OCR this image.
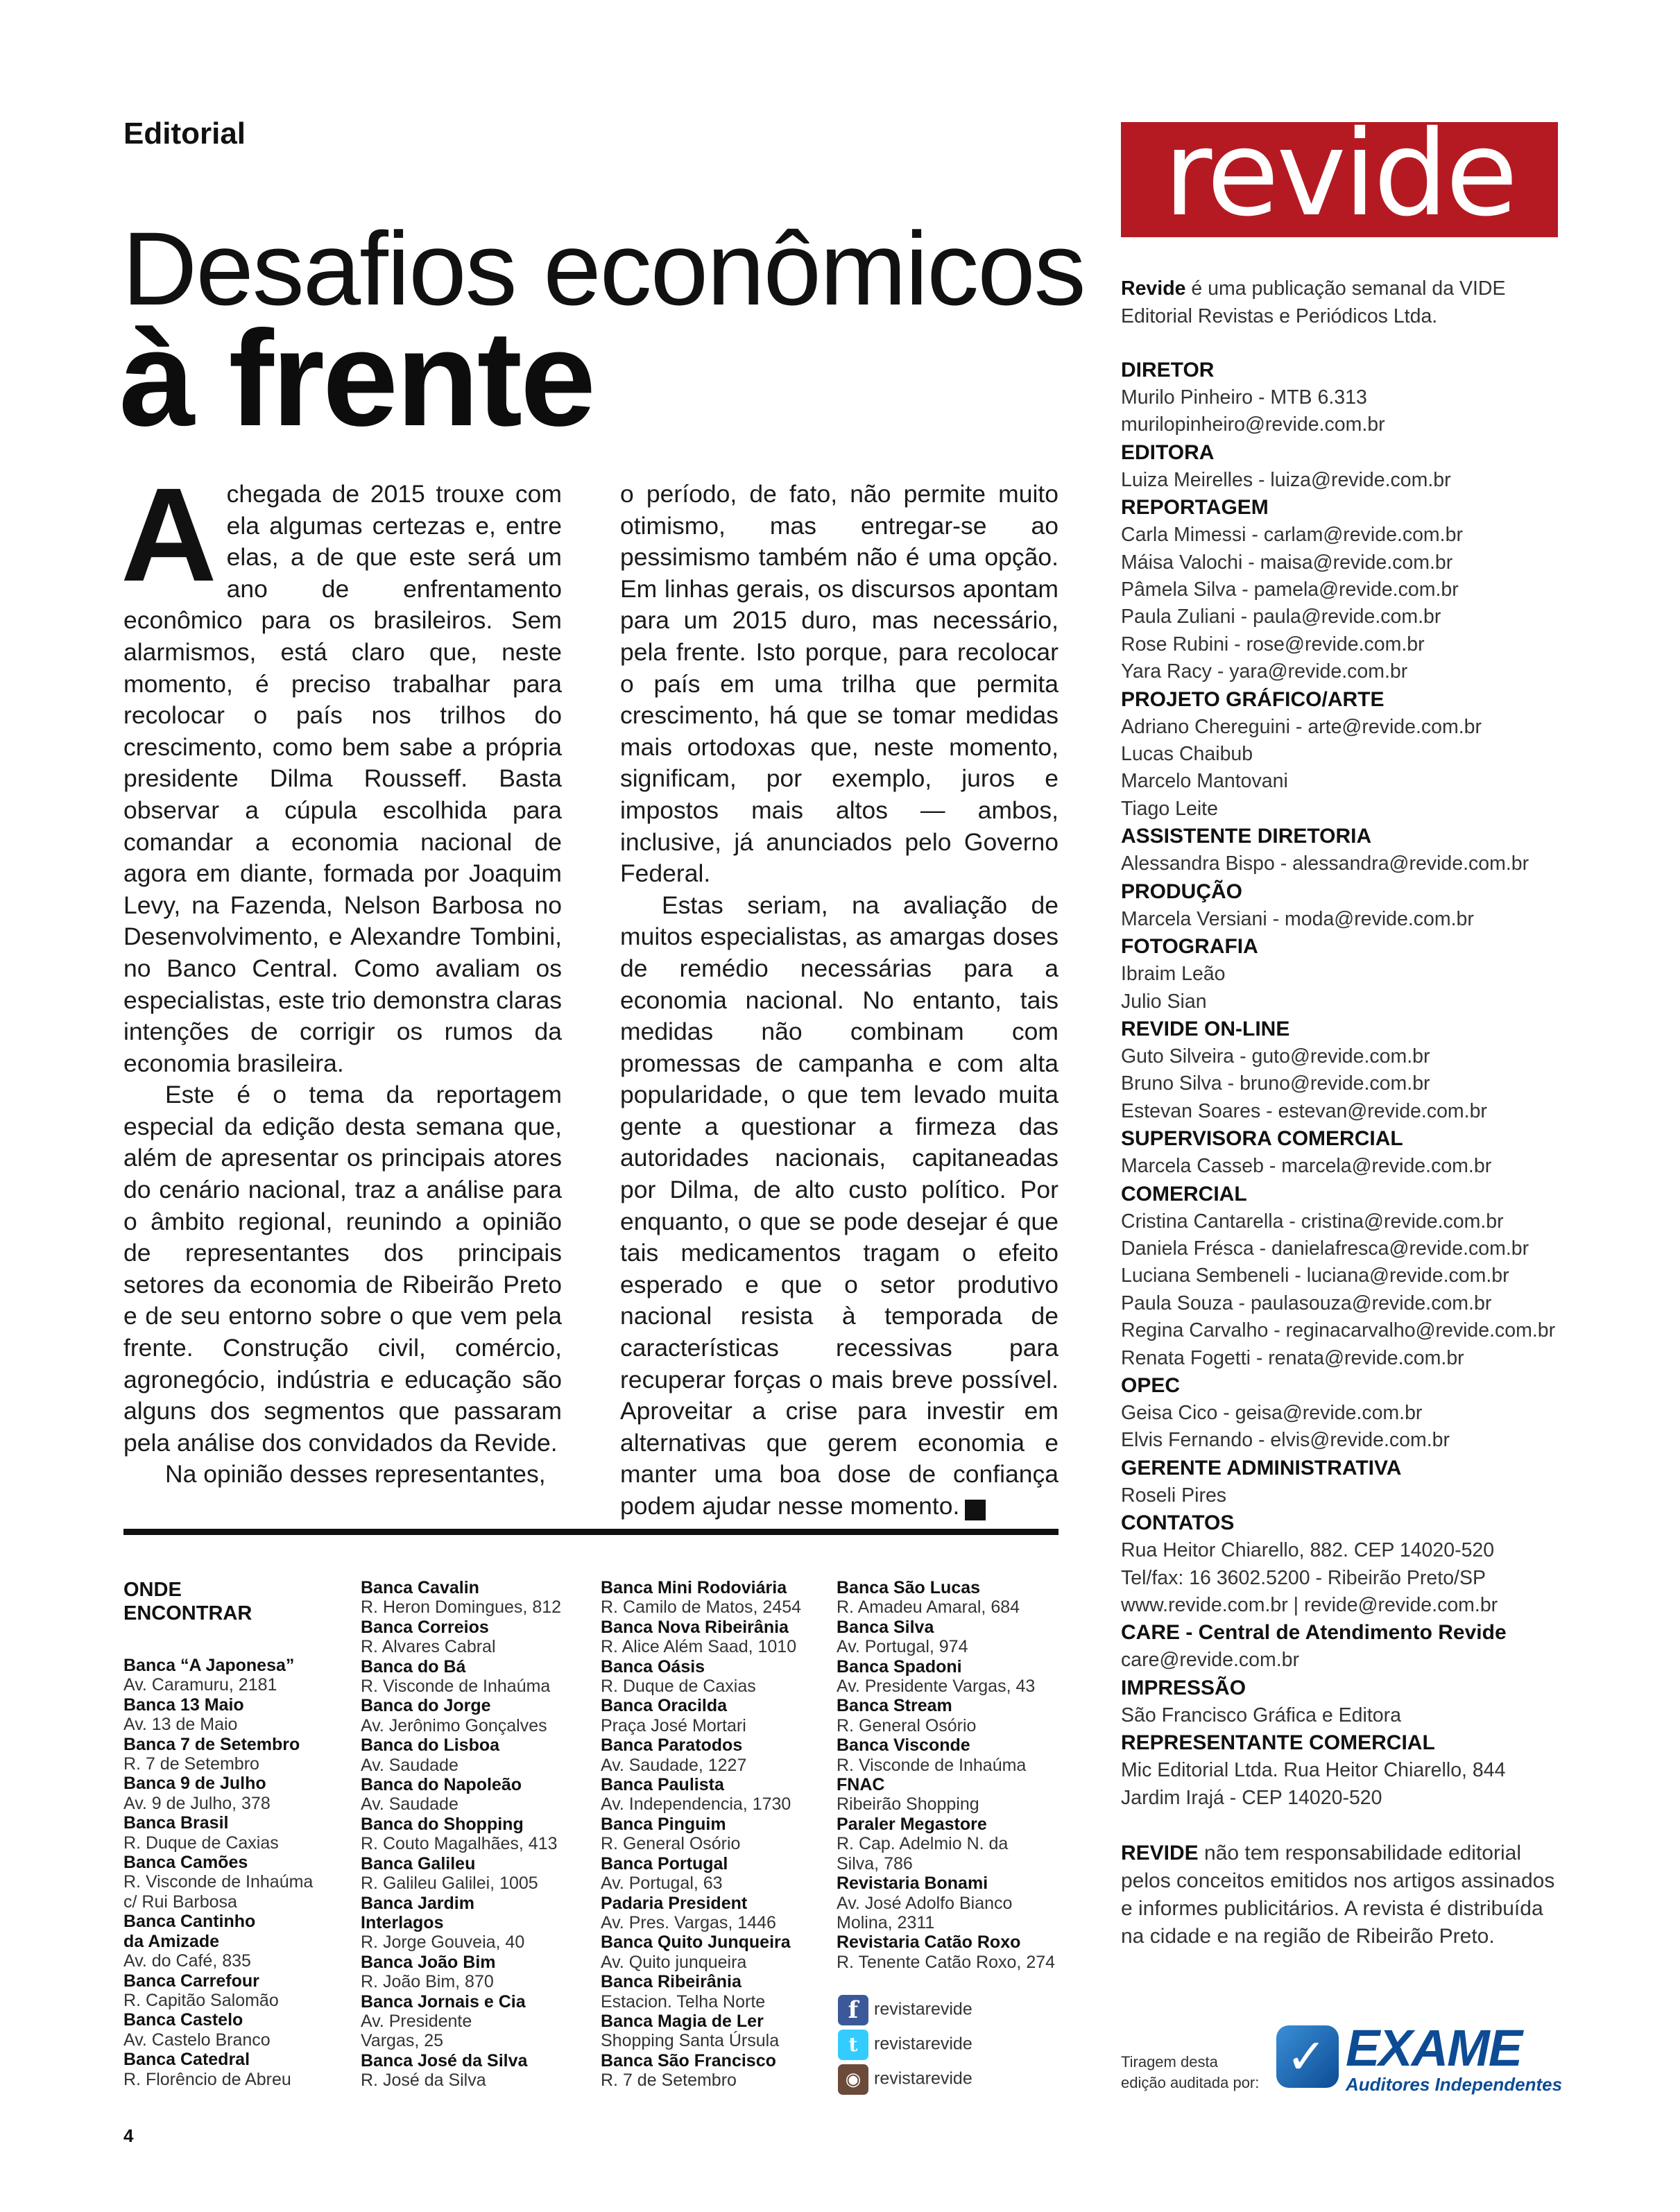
Editorial
Desafios econômicos
à frente

Achegada de 2015 trouxe com ela algumas certezas e, entre elas, a de que este será um ano de enfrentamento econômico para os brasileiros. Sem alarmismos, está claro que, neste momento, é preciso trabalhar para recolocar o país nos trilhos do crescimento, como bem sabe a própria presidente Dilma Rousseff. Basta observar a cúpula escolhida para comandar a economia nacional de agora em diante, formada por Joaquim Levy, na Fazenda, Nelson Barbosa no Desenvolvimento, e Alexandre Tombini, no Banco Central. Como avaliam os especialistas, este trio demonstra claras intenções de corrigir os rumos da economia brasileira.

Este é o tema da reportagem especial da edição desta semana que, além de apresentar os principais atores do cenário nacional, traz a análise para o âmbito regional, reunindo a opinião de representantes dos principais setores da economia de Ribeirão Preto e de seu entorno sobre o que vem pela frente. Construção civil, comércio, agronegócio, indústria e educação são alguns dos segmentos que passaram pela análise dos convidados da Revide.

Na opinião desses representantes,

o período, de fato, não permite muito otimismo, mas entregar-se ao pessimismo também não é uma opção. Em linhas gerais, os discursos apontam para um 2015 duro, mas necessário, pela frente. Isto porque, para recolocar o país em uma trilha que permita crescimento, há que se tomar medidas mais ortodoxas que, neste momento, significam, por exemplo, juros e impostos mais altos — ambos, inclusive, já anunciados pelo Governo Federal.

Estas seriam, na avaliação de muitos especialistas, as amargas doses de remédio necessárias para a economia nacional. No entanto, tais medidas não combinam com promessas de campanha e com alta popularidade, o que tem levado muita gente a questionar a firmeza das autoridades nacionais, capitaneadas por Dilma, de alto custo político. Por enquanto, o que se pode desejar é que tais medicamentos tragam o efeito esperado e que o setor produtivo nacional resista à temporada de características recessivas para recuperar forças o mais breve possível. Aproveitar a crise para investir em alternativas que gerem economia e manter uma boa dose de confiança podem ajudar nesse momento.	r

ONDE
ENCONTRAR
Banca “A Japonesa”
Av. Caramuru, 2181
Banca 13 Maio
Av. 13 de Maio
Banca 7 de Setembro
R. 7 de Setembro
Banca 9 de Julho
Av. 9 de Julho, 378
Banca Brasil
R. Duque de Caxias
Banca Camões
R. Visconde de Inhaúma
c/ Rui Barbosa
Banca Cantinho
da Amizade
Av. do Café, 835
Banca Carrefour
R. Capitão Salomão
Banca Castelo
Av. Castelo Branco
Banca Catedral
R. Florêncio de Abreu
Banca Cavalin
R. Heron Domingues, 812
Banca Correios
R. Alvares Cabral
Banca do Bá
R. Visconde de Inhaúma
Banca do Jorge
Av. Jerônimo Gonçalves
Banca do Lisboa
Av. Saudade
Banca do Napoleão
Av. Saudade
Banca do Shopping
R. Couto Magalhães, 413
Banca Galileu
R. Galileu Galilei, 1005
Banca Jardim
Interlagos
R. Jorge Gouveia, 40
Banca João Bim
R. João Bim, 870
Banca Jornais e Cia
Av. Presidente
Vargas, 25
Banca José da Silva
R. José da Silva
Banca Mini Rodoviária
R. Camilo de Matos, 2454
Banca Nova Ribeirânia
R. Alice Além Saad, 1010
Banca Oásis
R. Duque de Caxias
Banca Oracilda
Praça José Mortari
Banca Paratodos
Av. Saudade, 1227
Banca Paulista
Av. Independencia, 1730
Banca Pinguim
R. General Osório
Banca Portugal
Av. Portugal, 63
Padaria President
Av. Pres. Vargas, 1446
Banca Quito Junqueira
Av. Quito junqueira
Banca Ribeirânia
Estacion. Telha Norte
Banca Magia de Ler
Shopping Santa Úrsula
Banca São Francisco
R. 7 de Setembro
Banca São Lucas
R. Amadeu Amaral, 684
Banca Silva
Av. Portugal, 974
Banca Spadoni
Av. Presidente Vargas, 43
Banca Stream
R. General Osório
Banca Visconde
R. Visconde de Inhaúma
FNAC
Ribeirão Shopping
Paraler Megastore
R. Cap. Adelmio N. da
Silva, 786
Revistaria Bonami
Av. José Adolfo Bianco
Molina, 2311
Revistaria Catão Roxo
R. Tenente Catão Roxo, 274
f revistarevide
t revistarevide
◉ revistarevide
4
revide
Revide é uma publicação semanal da VIDE Editorial Revistas e Periódicos Ltda.
DIRETOR
Murilo Pinheiro - MTB 6.313
murilopinheiro@revide.com.br
EDITORA
Luiza Meirelles - luiza@revide.com.br
REPORTAGEM
Carla Mimessi - carlam@revide.com.br
Máisa Valochi - maisa@revide.com.br
Pâmela Silva - pamela@revide.com.br
Paula Zuliani - paula@revide.com.br
Rose Rubini - rose@revide.com.br
Yara Racy - yara@revide.com.br
PROJETO GRÁFICO/ARTE
Adriano Chereguini - arte@revide.com.br
Lucas Chaibub
Marcelo Mantovani
Tiago Leite
ASSISTENTE DIRETORIA
Alessandra Bispo - alessandra@revide.com.br
PRODUÇÃO
Marcela Versiani - moda@revide.com.br
FOTOGRAFIA
Ibraim Leão
Julio Sian
REVIDE ON-LINE
Guto Silveira - guto@revide.com.br
Bruno Silva - bruno@revide.com.br
Estevan Soares - estevan@revide.com.br
SUPERVISORA COMERCIAL
Marcela Casseb - marcela@revide.com.br
COMERCIAL
Cristina Cantarella - cristina@revide.com.br
Daniela Frésca - danielafresca@revide.com.br
Luciana Sembeneli - luciana@revide.com.br
Paula Souza - paulasouza@revide.com.br
Regina Carvalho - reginacarvalho@revide.com.br
Renata Fogetti - renata@revide.com.br
OPEC
Geisa Cico - geisa@revide.com.br
Elvis Fernando - elvis@revide.com.br
GERENTE ADMINISTRATIVA
Roseli Pires
CONTATOS
Rua Heitor Chiarello, 882. CEP 14020-520
Tel/fax: 16 3602.5200 - Ribeirão Preto/SP
www.revide.com.br | revide@revide.com.br
CARE - Central de Atendimento Revide
care@revide.com.br
IMPRESSÃO
São Francisco Gráfica e Editora
REPRESENTANTE COMERCIAL
Mic Editorial Ltda. Rua Heitor Chiarello, 844
Jardim Irajá - CEP 14020-520
REVIDE não tem responsabilidade editorial pelos conceitos emitidos nos artigos assinados e informes publicitários. A revista é distribuída na cidade e na região de Ribeirão Preto.
Tiragem desta edição auditada por: ✓ EXAME
Auditores Independentes
